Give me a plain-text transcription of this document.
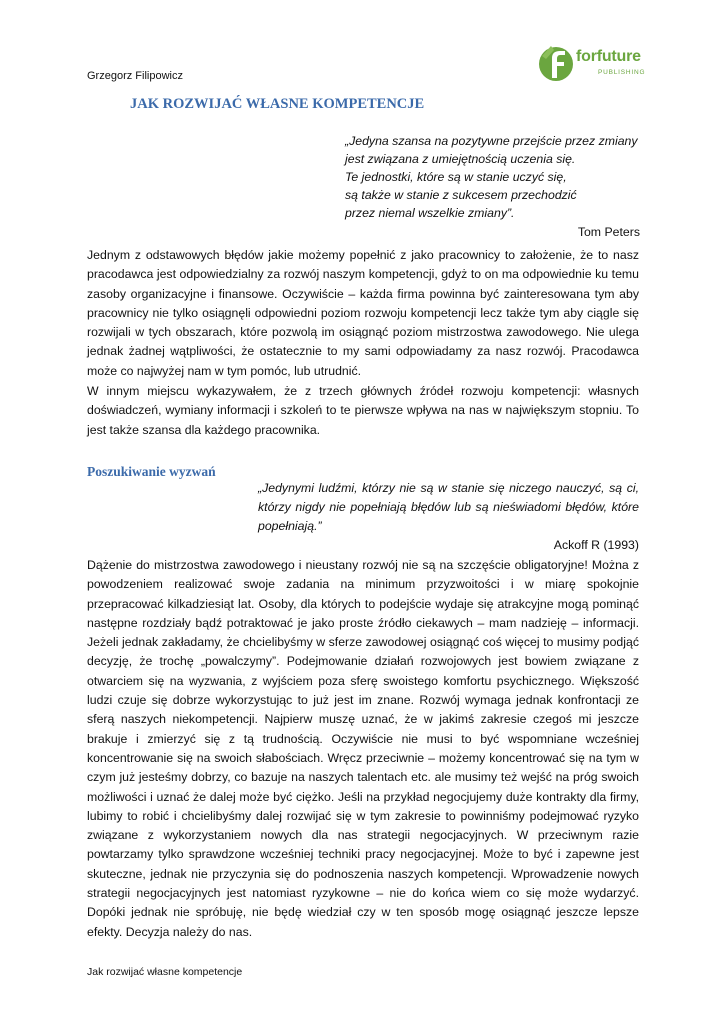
Grzegorz Filipowicz
forfuture
PUBLISHING
JAK ROZWIJAĆ WŁASNE KOMPETENCJE
„Jedyna szansa na pozytywne przejście przez zmiany
jest związana z umiejętnością uczenia się.
Te jednostki, które są w stanie uczyć się,
są także w stanie z sukcesem przechodzić
przez niemal wszelkie zmiany”.
Tom Peters

Jednym z odstawowych błędów jakie możemy popełnić z jako pracownicy to założenie, że to nasz pracodawca jest odpowiedzialny za rozwój naszym kompetencji, gdyż to on ma odpowiednie ku temu zasoby organizacyjne i finansowe. Oczywiście – każda firma powinna być zainteresowana tym aby pracownicy nie tylko osiągnęli odpowiedni poziom rozwoju kompetencji lecz także tym aby ciągle się rozwijali w tych obszarach, które pozwolą im osiągnąć poziom mistrzostwa zawodowego. Nie ulega jednak żadnej wątpliwości, że ostatecznie to my sami odpowiadamy za nasz rozwój. Pracodawca może co najwyżej nam w tym pomóc, lub utrudnić.

W innym miejscu wykazywałem, że z trzech głównych źródeł rozwoju kompetencji: własnych doświadczeń, wymiany informacji i szkoleń to te pierwsze wpływa na nas w największym stopniu. To jest także szansa dla każdego pracownika.

Poszukiwanie wyzwań
„Jedynymi ludźmi, którzy nie są w stanie się niczego nauczyć, są ci, którzy nigdy nie popełniają błędów lub są nieświadomi błędów, które popełniają.”
Ackoff R (1993)

Dążenie do mistrzostwa zawodowego i nieustany rozwój nie są na szczęście obligatoryjne! Można z powodzeniem realizować swoje zadania na minimum przyzwoitości i w miarę spokojnie przepracować kilkadziesiąt lat. Osoby, dla których to podejście wydaje się atrakcyjne mogą pominąć następne rozdziały bądź potraktować je jako proste źródło ciekawych – mam nadzieję – informacji. Jeżeli jednak zakładamy, że chcielibyśmy w sferze zawodowej osiągnąć coś więcej to musimy podjąć decyzję, że trochę „powalczymy”. Podejmowanie działań rozwojowych jest bowiem związane z otwarciem się na wyzwania, z wyjściem poza sferę swoistego komfortu psychicznego. Większość ludzi czuje się dobrze wykorzystując to już jest im znane. Rozwój wymaga jednak konfrontacji ze sferą naszych niekompetencji. Najpierw muszę uznać, że w jakimś zakresie czegoś mi jeszcze brakuje i zmierzyć się z tą trudnością. Oczywiście nie musi to być wspomniane wcześniej koncentrowanie się na swoich słabościach. Wręcz przeciwnie – możemy koncentrować się na tym w czym już jesteśmy dobrzy, co bazuje na naszych talentach etc. ale musimy też wejść na próg swoich możliwości i uznać że dalej może być ciężko. Jeśli na przykład negocjujemy duże kontrakty dla firmy, lubimy to robić i chcielibyśmy dalej rozwijać się w tym zakresie to powinniśmy podejmować ryzyko związane z wykorzystaniem nowych dla nas strategii negocjacyjnych. W przeciwnym razie powtarzamy tylko sprawdzone wcześniej techniki pracy negocjacyjnej. Może to być i zapewne jest skuteczne, jednak nie przyczynia się do podnoszenia naszych kompetencji. Wprowadzenie nowych strategii negocjacyjnych jest natomiast ryzykowne – nie do końca wiem co się może wydarzyć. Dopóki jednak nie spróbuję, nie będę wiedział czy w ten sposób mogę osiągnąć jeszcze lepsze efekty. Decyzja należy do nas.

Jak rozwijać własne kompetencje
